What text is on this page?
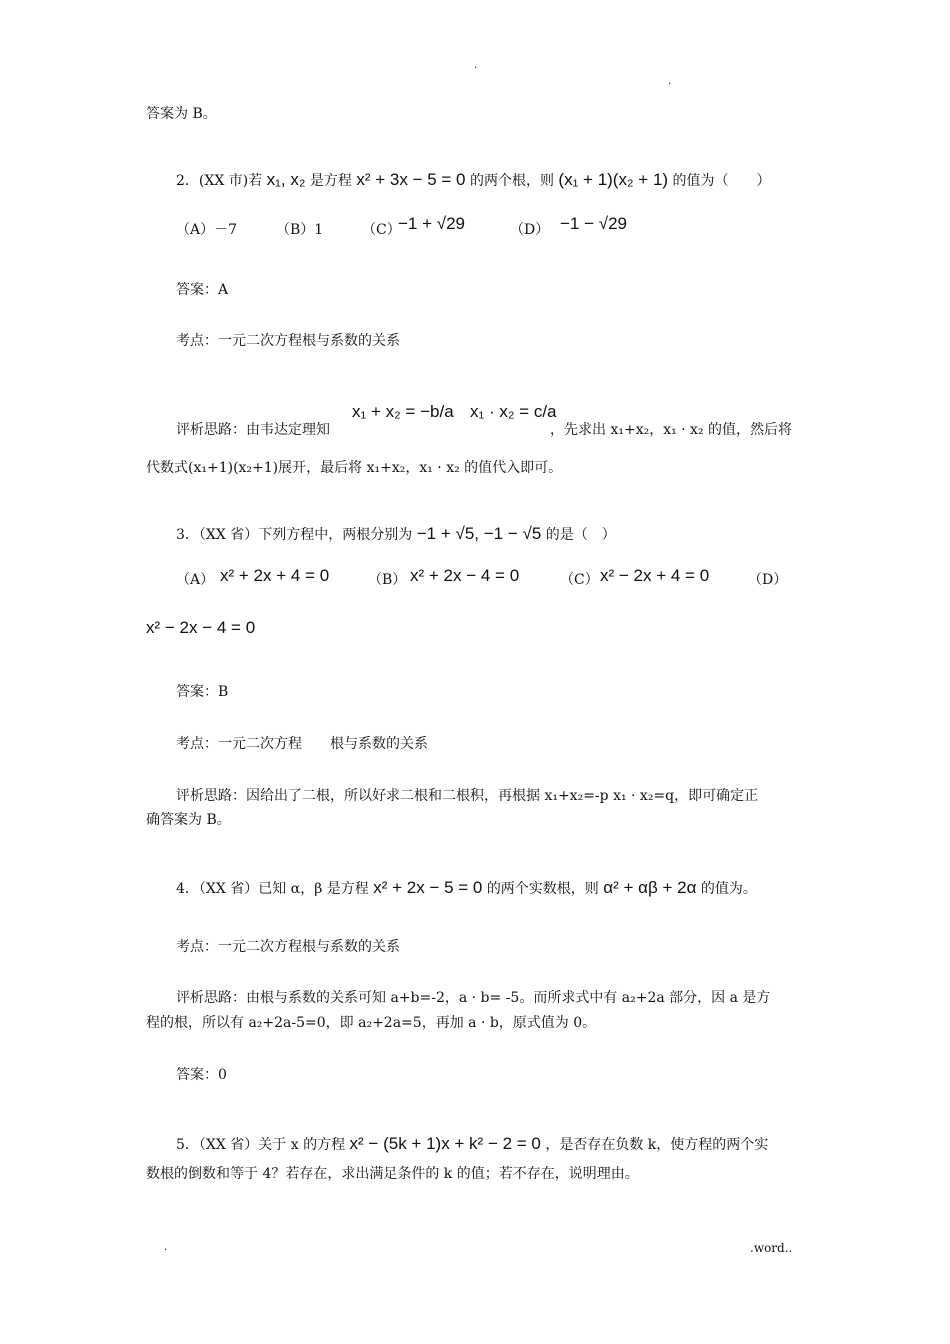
.
.
答案为 B。
2．(XX 市)若 x₁, x₂ 是方程 x² + 3x − 5 = 0 的两个根，则 (x₁ + 1)(x₂ + 1) 的值为（　　）
（A）－7	（B）1	（C）
−1 + √29	（D） −1 − √29
答案：A
考点：一元二次方程根与系数的关系
评析思路：由韦达定理知
x₁ + x₂ = −b/a x₁ · x₂ = c/a
，先求出 x₁+x₂，x₁ · x₂ 的值，然后将
代数式(x₁+1)(x₂+1)展开，最后将 x₁+x₂，x₁ · x₂ 的值代入即可。
3．（XX 省）下列方程中，两根分别为 −1 + √5, −1 − √5 的是（　）
（A） x² + 2x + 4 = 0	（B） x² + 2x − 4 = 0	（C） x² − 2x + 4 = 0	（D）
x² − 2x − 4 = 0
答案：B
考点：一元二次方程　　根与系数的关系
评析思路：因给出了二根，所以好求二根和二根积，再根据 x₁+x₂=-p x₁ · x₂=q，即可确定正
确答案为 B。
4．（XX 省）已知 α，β 是方程 x² + 2x − 5 = 0 的两个实数根，则 α² + αβ + 2α 的值为。
考点：一元二次方程根与系数的关系
评析思路：由根与系数的关系可知 a+b=-2，a · b= -5。而所求式中有 a₂+2a 部分，因 a 是方
程的根，所以有 a₂+2a-5=0，即 a₂+2a=5，再加 a · b，原式值为 0。
答案：0
5．（XX 省）关于 x 的方程 x² − (5k + 1)x + k² − 2 = 0 ，是否存在负数 k，使方程的两个实
数根的倒数和等于 4？若存在，求出满足条件的 k 的值；若不存在，说明理由。
.	.word..
